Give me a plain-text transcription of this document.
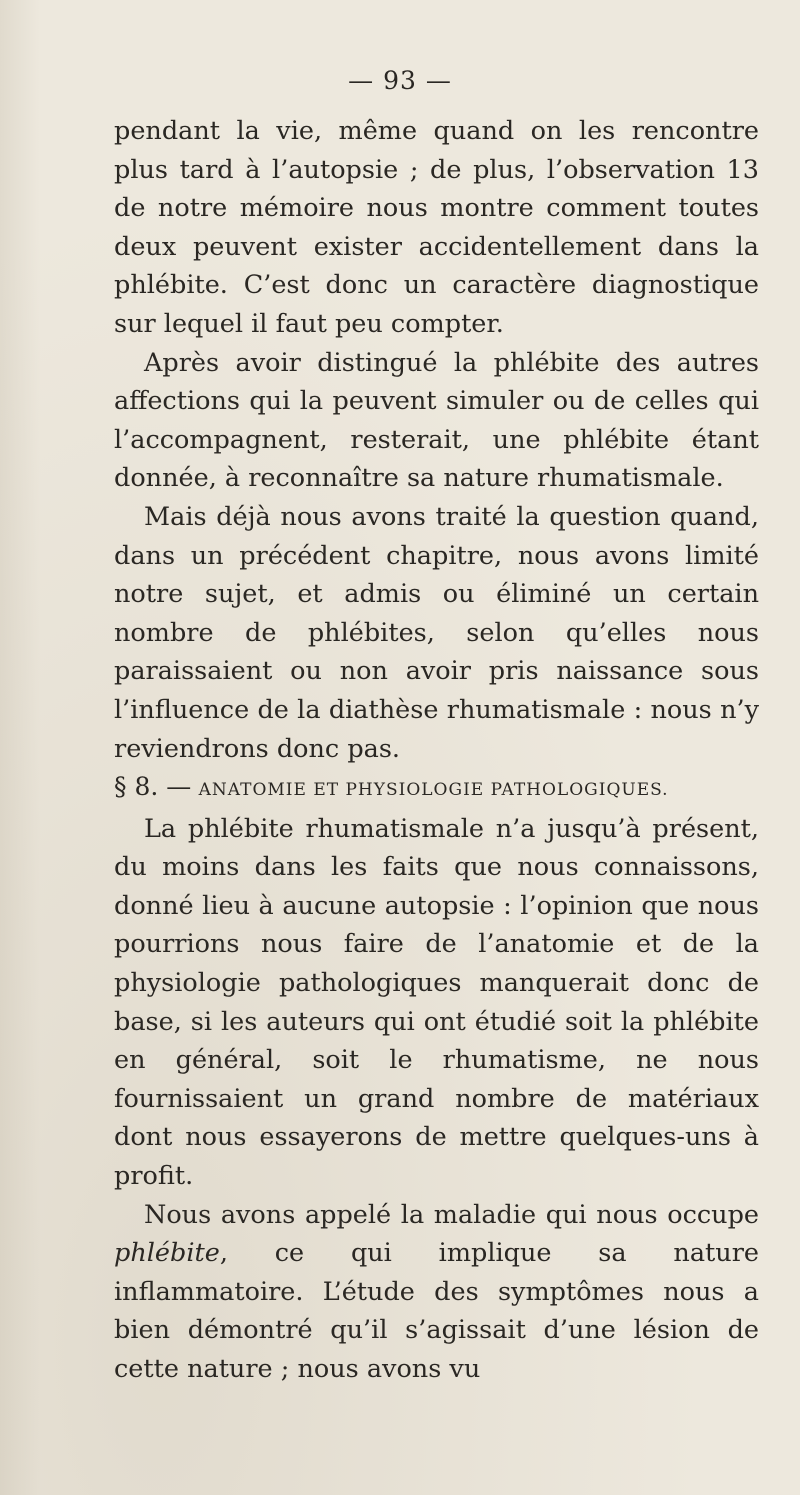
— 93 —

pendant la vie, même quand on les rencontre plus tard à l’autopsie ; de plus, l’observation 13 de notre mémoire nous montre comment toutes deux peuvent exister accidentellement dans la phlébite. C’est donc un caractère diagnostique sur lequel il faut peu compter.

Après avoir distingué la phlébite des autres affections qui la peuvent simuler ou de celles qui l’accompagnent, resterait, une phlébite étant donnée, à reconnaître sa nature rhumatismale.

Mais déjà nous avons traité la question quand, dans un précédent chapitre, nous avons limité notre sujet, et admis ou éliminé un certain nombre de phlébites, selon qu’elles nous paraissaient ou non avoir pris naissance sous l’influence de la diathèse rhumatismale : nous n’y reviendrons donc pas.

§ 8. — ANATOMIE ET PHYSIOLOGIE PATHOLOGIQUES.

La phlébite rhumatismale n’a jusqu’à présent, du moins dans les faits que nous connaissons, donné lieu à aucune autopsie : l’opinion que nous pourrions nous faire de l’anatomie et de la physiologie pathologiques manquerait donc de base, si les auteurs qui ont étudié soit la phlébite en général, soit le rhumatisme, ne nous fournissaient un grand nombre de matériaux dont nous essayerons de mettre quelques-uns à profit.

Nous avons appelé la maladie qui nous occupe phlébite, ce qui implique sa nature inflammatoire. L’étude des symptômes nous a bien démontré qu’il s’agissait d’une lésion de cette nature ; nous avons vu
